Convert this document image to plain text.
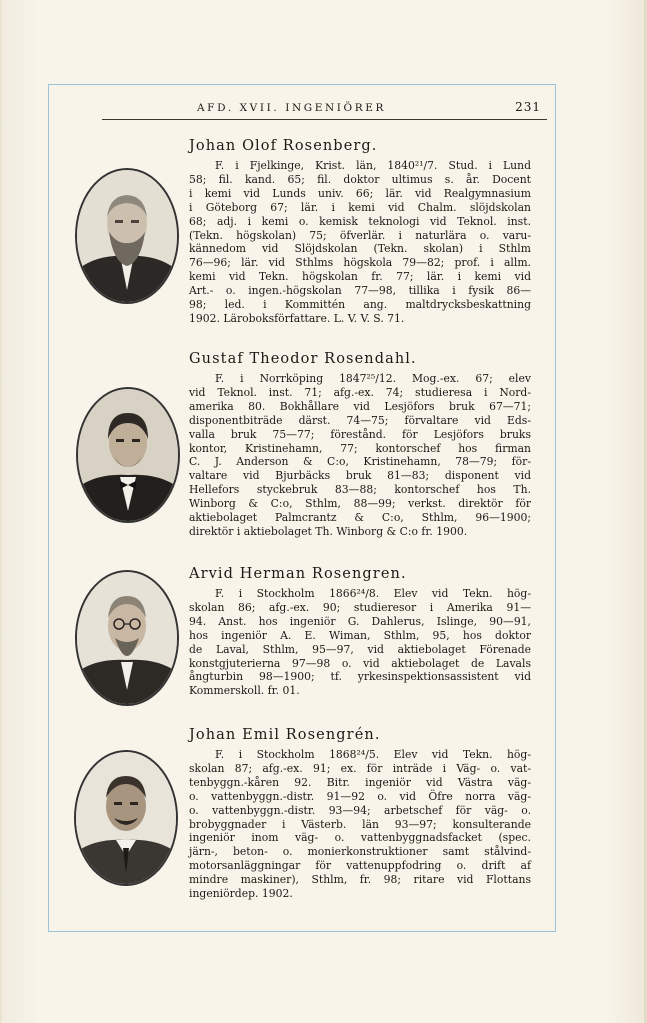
AFD. XVII. INGENIÖRER	231
Johan Olof Rosenberg.

F. i Fjelkinge, Krist. län, 1840²¹/7. Stud. i Lund
58; fil. kand. 65; fil. doktor ultimus s. år. Docent
i kemi vid Lunds univ. 66; lär. vid Realgymnasium
i Göteborg 67; lär. i kemi vid Chalm. slöjdskolan
68; adj. i kemi o. kemisk teknologi vid Teknol. inst.
(Tekn. högskolan) 75; öfverlär. i naturlära o. varu-
kännedom vid Slöjdskolan (Tekn. skolan) i Sthlm
76—96; lär. vid Sthlms högskola 79—82; prof. i allm.
kemi vid Tekn. högskolan fr. 77; lär. i kemi vid
Art.- o. ingen.-högskolan 77—98, tillika i fysik 86—
98; led. i Kommittén ang. maltdrycksbeskattning
1902. Läroboksförfattare. L. V. V. S. 71.

Gustaf Theodor Rosendahl.

F. i Norrköping 1847²⁵/12. Mog.-ex. 67; elev
vid Teknol. inst. 71; afg.-ex. 74; studieresa i Nord-
amerika 80. Bokhållare vid Lesjöfors bruk 67—71;
disponentbiträde därst. 74—75; förvaltare vid Eds-
valla bruk 75—77; förestånd. för Lesjöfors bruks
kontor, Kristinehamn, 77; kontorschef hos firman
C. J. Anderson & C:o, Kristinehamn, 78—79; för-
valtare vid Bjurbäcks bruk 81—83; disponent vid
Hellefors styckebruk 83—88; kontorschef hos Th.
Winborg & C:o, Sthlm, 88—99; verkst. direktör för
aktiebolaget Palmcrantz & C:o, Sthlm, 96—1900;
direktör i aktiebolaget Th. Winborg & C:o fr. 1900.

Arvid Herman Rosengren.

F. i Stockholm 1866²⁴/8. Elev vid Tekn. hög-
skolan 86; afg.-ex. 90; studieresor i Amerika 91—
94. Anst. hos ingeniör G. Dahlerus, Islinge, 90—91,
hos ingeniör A. E. Wiman, Sthlm, 95, hos doktor
de Laval, Sthlm, 95—97, vid aktiebolaget Förenade
konstgjuterierna 97—98 o. vid aktiebolaget de Lavals
ångturbin 98—1900; tf. yrkesinspektionsassistent vid
Kommerskoll. fr. 01.

Johan Emil Rosengrén.

F. i Stockholm 1868²⁴/5. Elev vid Tekn. hög-
skolan 87; afg.-ex. 91; ex. för inträde i Väg- o. vat-
tenbyggn.-kåren 92. Bitr. ingeniör vid Västra väg-
o. vattenbyggn.-distr. 91—92 o. vid Öfre norra väg-
o. vattenbyggn.-distr. 93—94; arbetschef för väg- o.
brobyggnader i Västerb. län 93—97; konsulterande
ingeniör inom väg- o. vattenbyggnadsfacket (spec.
järn-, beton- o. monierkonstruktioner samt stålvind-
motorsanläggningar för vattenuppfodring o. drift af
mindre maskiner), Sthlm, fr. 98; ritare vid Flottans
ingeniördep. 1902.
